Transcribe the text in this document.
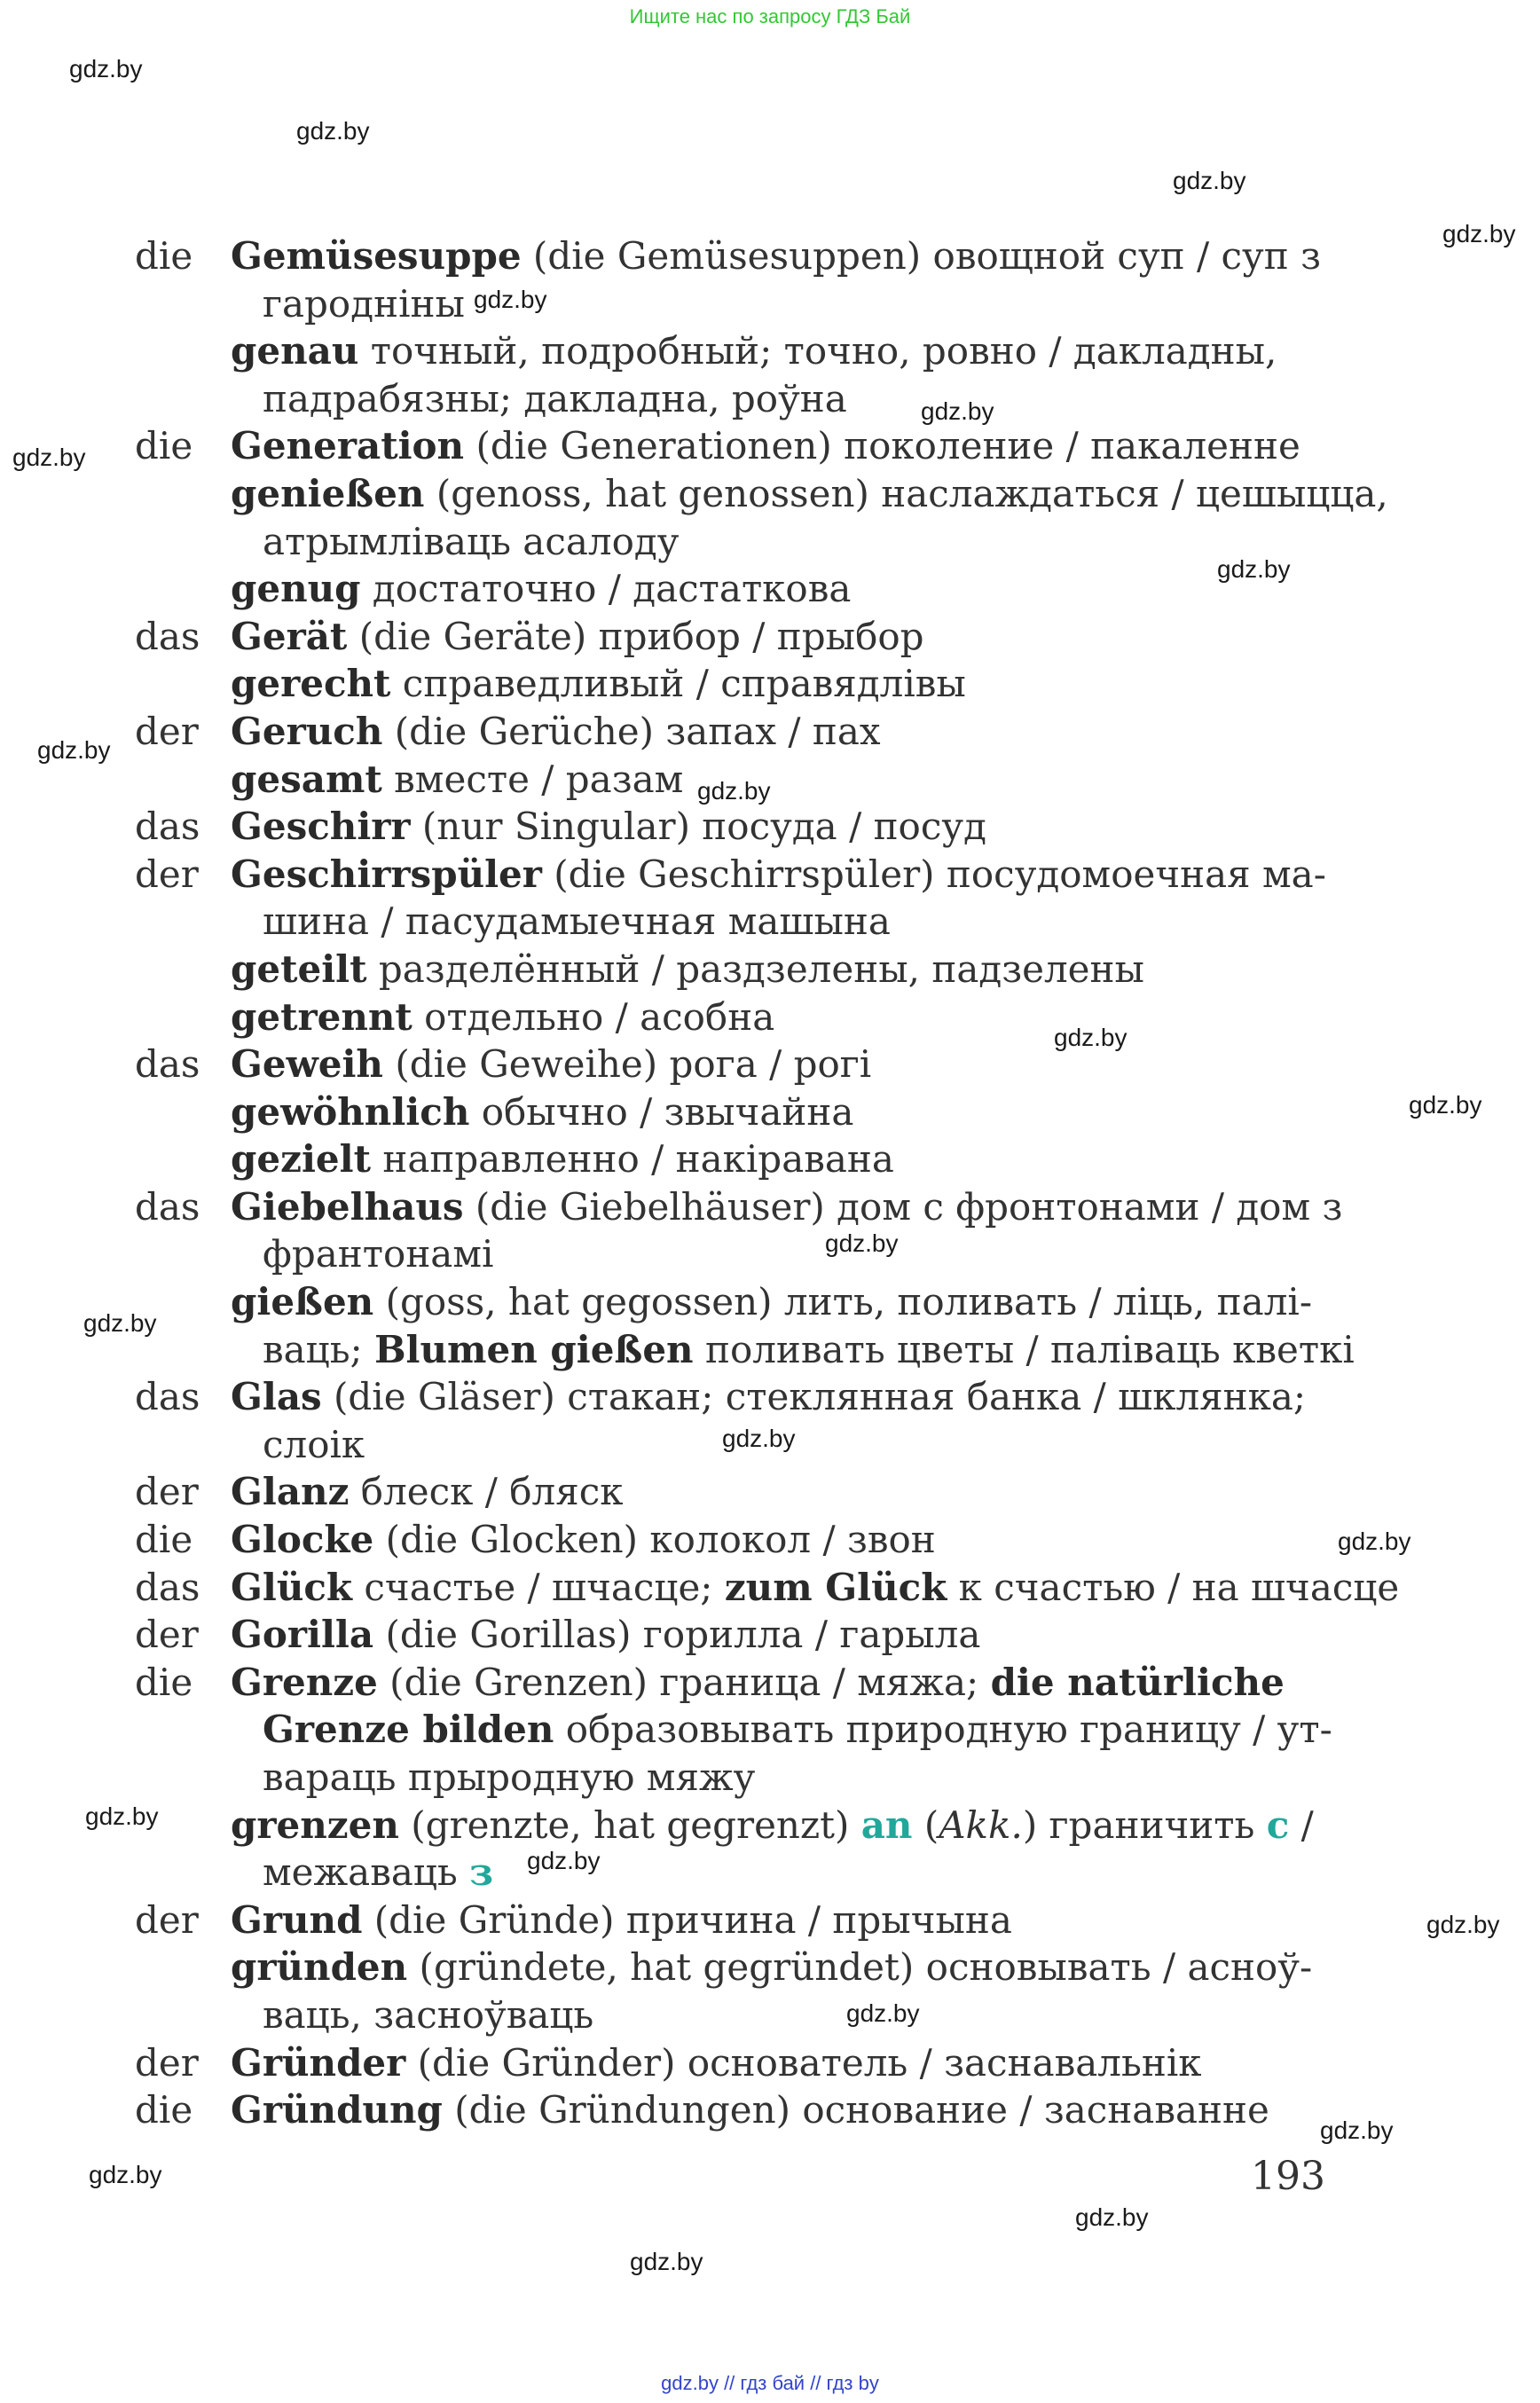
Ищите нас по запросу ГДЗ Бай
gdz.by
gdz.by
gdz.by
gdz.by
gdz.by
gdz.by
gdz.by
gdz.by
gdz.by
gdz.by
gdz.by
gdz.by
gdz.by
gdz.by
gdz.by
gdz.by
gdz.by
gdz.by
gdz.by
gdz.by
gdz.by
gdz.by
gdz.by
gdz.by
die	Gemüsesuppe (die Gemüsesuppen) овощной суп / суп з
гародніны
genau точный, подробный; точно, ровно / дакладны,
падрабязны; дакладна, роўна
die	Generation (die Generationen) поколение / пакаленне
genießen (genoss, hat genossen) наслаждаться / цешыцца,
атрымліваць асалоду
genug достаточно / дастаткова
das Gerät (die Geräte) прибор / прыбор
gerecht справедливый / справядлівы
der Geruch (die Gerüche) запах / пах
gesamt вместе / разам
das Geschirr (nur Singular) посуда / посуд
der Geschirrspüler (die Geschirrspüler) посудомоечная ма-
шина / пасудамыечная машына
geteilt разделённый / раздзелены, падзелены
getrennt отдельно / асобна
das Geweih (die Geweihe) рога / рогі
gewöhnlich обычно / звычайна
gezielt направленно / накіравана
das Giebelhaus (die Giebelhäuser) дом с фронтонами / дом з
франтонамі
gießen (goss, hat gegossen) лить, поливать / ліць, палі-
ваць; Blumen gießen поливать цветы / паліваць кветкі
das Glas (die Gläser) стакан; стеклянная банка / шклянка;
слоік
der Glanz блеск / бляск
die	Glocke (die Glocken) колокол / звон
das Glück счастье / шчасце; zum Glück к счастью / на шчасце
der Gorilla (die Gorillas) горилла / гарыла
die	Grenze (die Grenzen) граница / мяжа; die natürliche
Grenze bilden образовывать природную границу / ут-
вараць прыродную мяжу
grenzen (grenzte, hat gegrenzt) an (Akk.) граничить с /
межаваць з
der Grund (die Gründe) причина / прычына
gründen (gründete, hat gegründet) основывать / асноў-
ваць, засноўваць
der Gründer (die Gründer) основатель / заснавальнік
die	Gründung (die Gründungen) основание / заснаванне
193
gdz.by // гдз бай // гдз by
